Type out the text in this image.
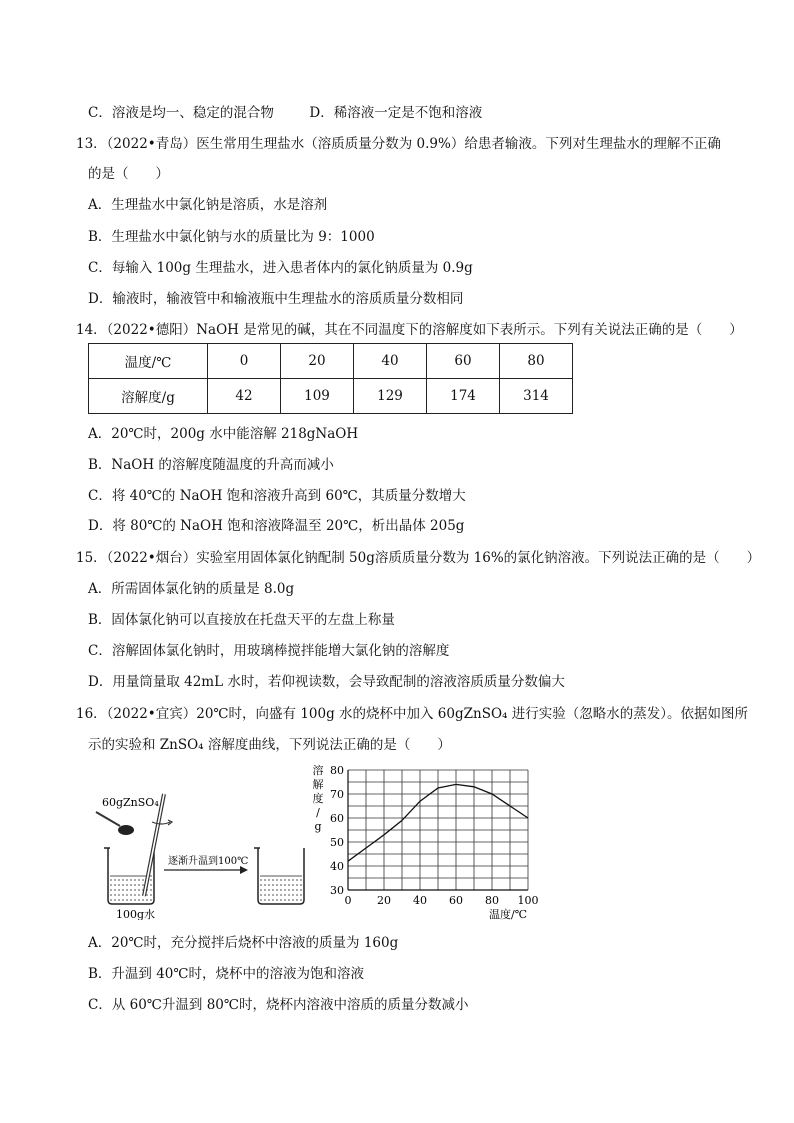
C．溶液是均一、稳定的混合物 　　 D．稀溶液一定是不饱和溶液
13．（2022•青岛）医生常用生理盐水（溶质质量分数为 0.9%）给患者输液。下列对生理盐水的理解不正确
的是（　　）
A．生理盐水中氯化钠是溶质，水是溶剂
B．生理盐水中氯化钠与水的质量比为 9：1000
C．每输入 100g 生理盐水，进入患者体内的氯化钠质量为 0.9g
D．输液时，输液管中和输液瓶中生理盐水的溶质质量分数相同
14．（2022•德阳）NaOH 是常见的碱，其在不同温度下的溶解度如下表所示。下列有关说法正确的是（　　）
温度/℃	0	20	40	60	80
溶解度/g	42	109	129	174	314
A．20℃时，200g 水中能溶解 218gNaOH
B．NaOH 的溶解度随温度的升高而减小
C．将 40℃的 NaOH 饱和溶液升高到 60℃，其质量分数增大
D．将 80℃的 NaOH 饱和溶液降温至 20℃，析出晶体 205g
15．（2022•烟台）实验室用固体氯化钠配制 50g溶质质量分数为 16%的氯化钠溶液。下列说法正确的是（　　）
A．所需固体氯化钠的质量是 8.0g
B．固体氯化钠可以直接放在托盘天平的左盘上称量
C．溶解固体氯化钠时，用玻璃棒搅拌能增大氯化钠的溶解度
D．用量筒量取 42mL 水时，若仰视读数，会导致配制的溶液溶质质量分数偏大
16．（2022•宜宾）20℃时，向盛有 100g 水的烧杯中加入 60gZnSO₄ 进行实验（忽略水的蒸发）。依据如图所
示的实验和 ZnSO₄ 溶解度曲线，下列说法正确的是（　　）
60gZnSO₄
100g水
逐渐升温到100℃
30
40
50
60
70
80
0 20 40 60 80 100
溶
解
度
/
g
温度/℃
A．20℃时，充分搅拌后烧杯中溶液的质量为 160g
B．升温到 40℃时，烧杯中的溶液为饱和溶液
C．从 60℃升温到 80℃时，烧杯内溶液中溶质的质量分数减小
